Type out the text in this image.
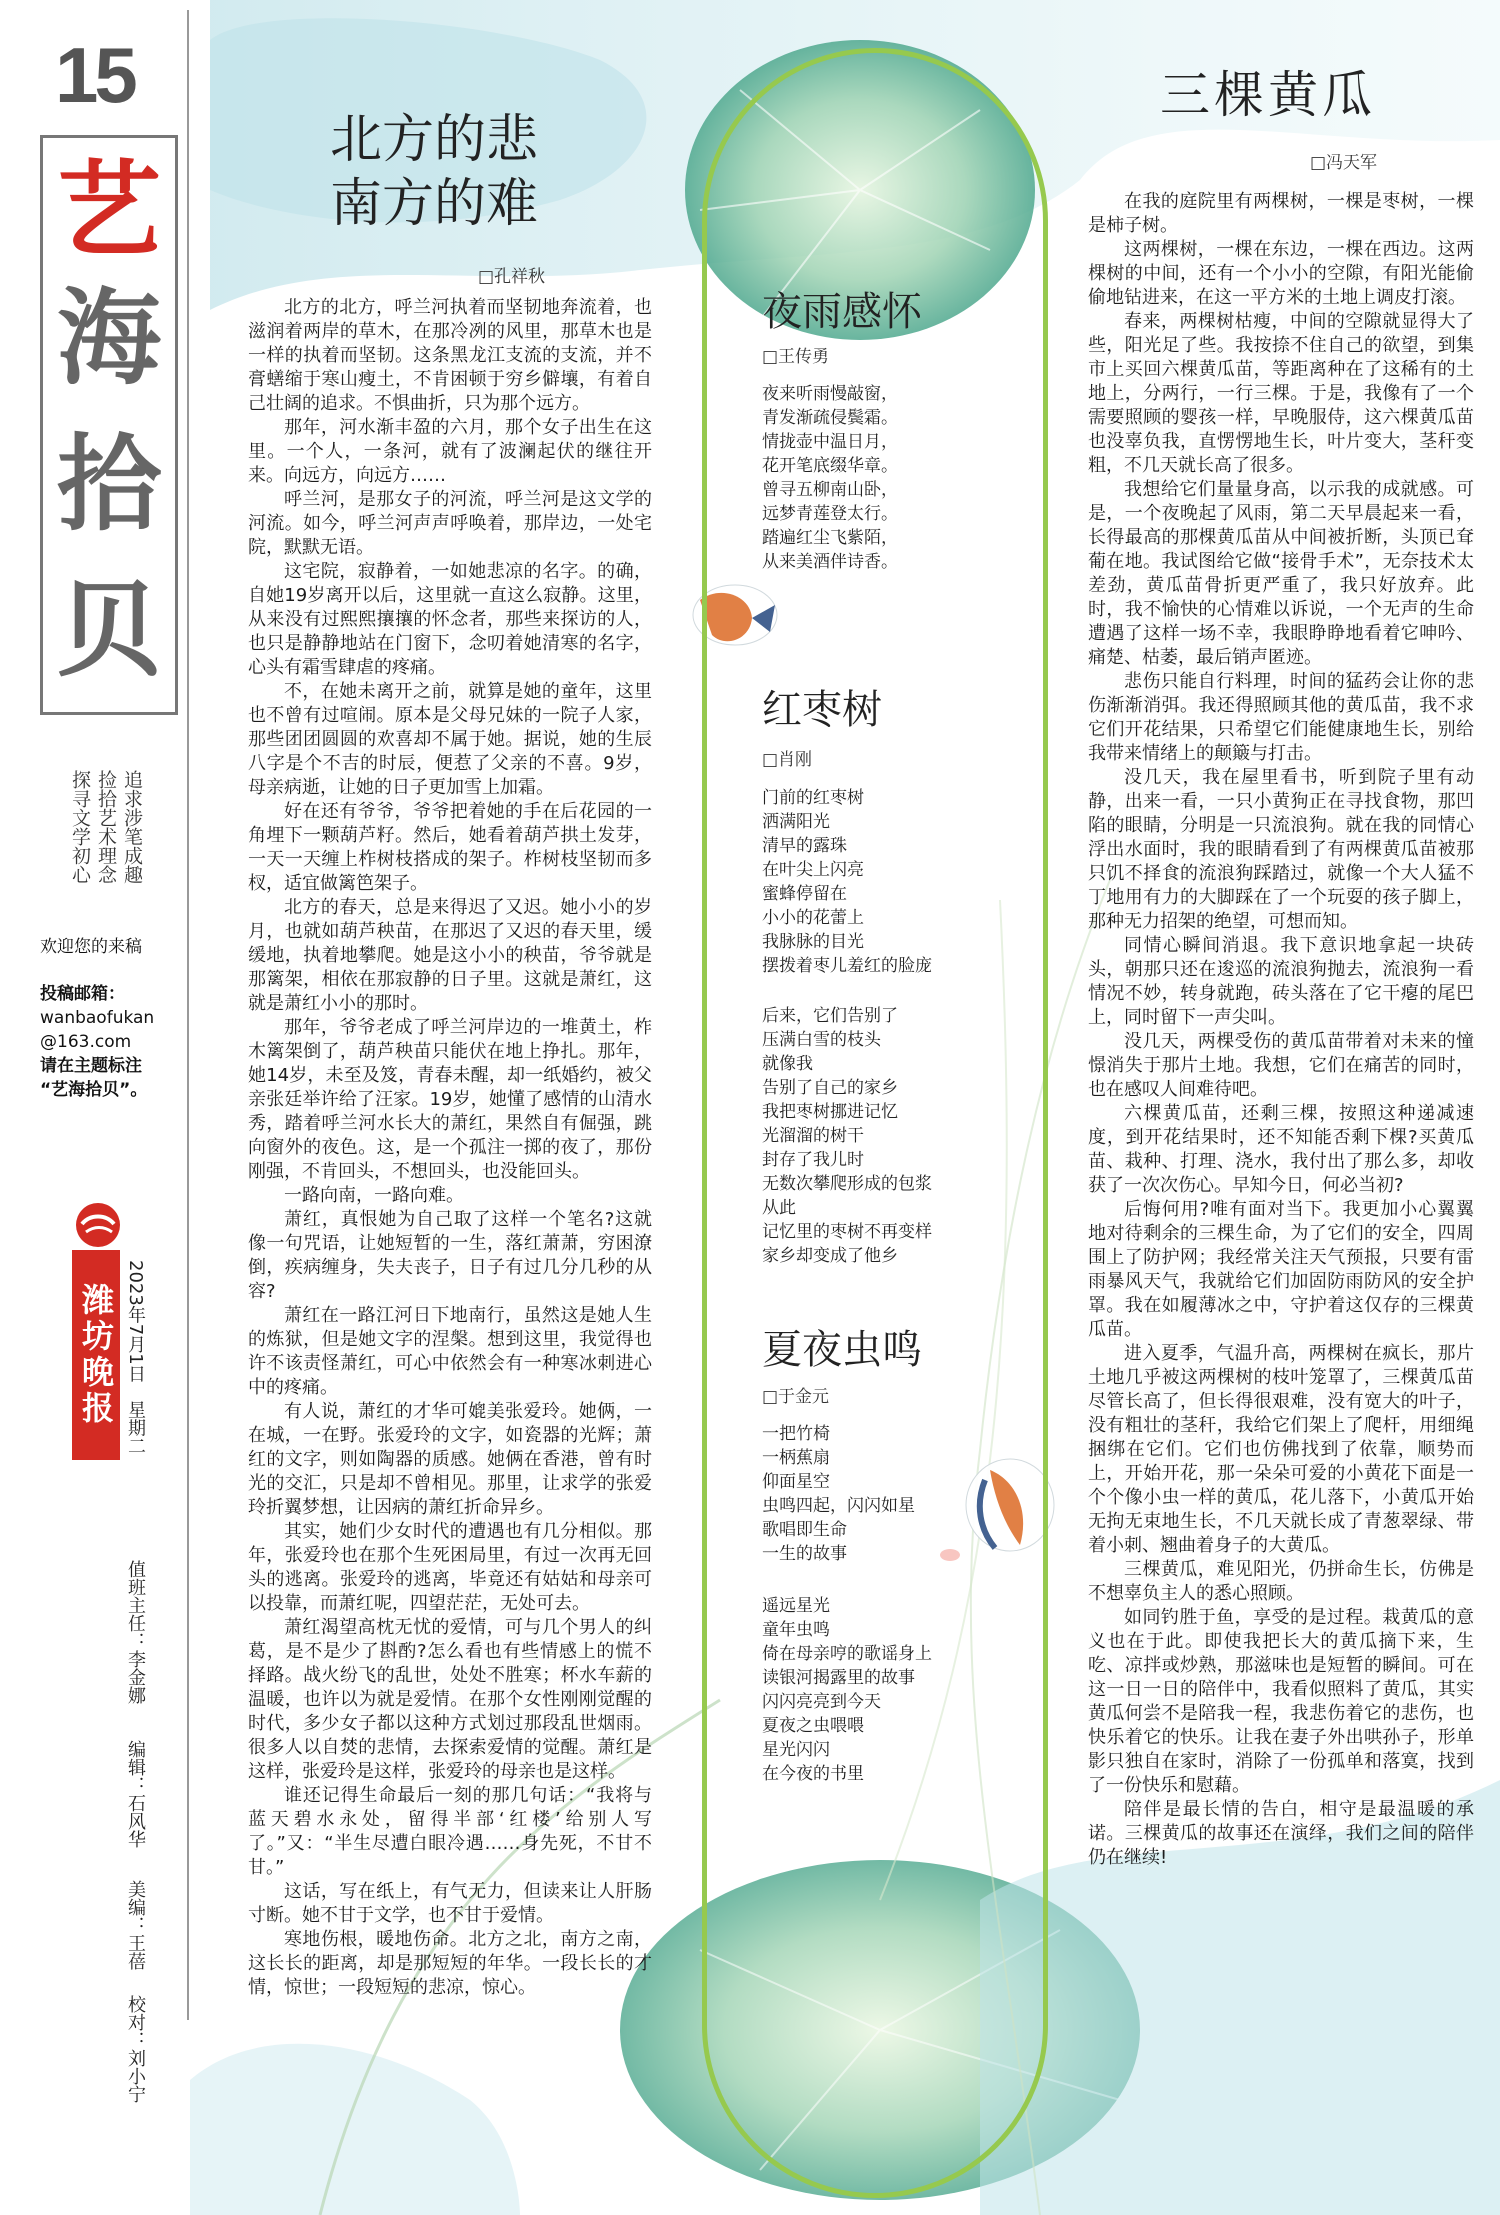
15
艺
海
拾
贝
追求涉笔成趣
捡拾艺术理念
探寻文学初心
欢迎您的来稿
投稿邮箱：
wanbaofukan
@163.com
请在主题标注
“艺海拾贝”。
潍坊晚报 2023年7月1日　星期二
值班主任：李金娜
编辑：石风华
美编：王蓓
校对：刘小宁
北方的悲
南方的难
□孔祥秋

北方的北方，呼兰河执着而坚韧地奔流着，也滋润着两岸的草木，在那冷冽的风里，那草木也是一样的执着而坚韧。这条黑龙江支流的支流，并不膏蟮缩于寒山瘦土，不肯困顿于穷乡僻壤，有着自己壮阔的追求。不惧曲折，只为那个远方。

那年，河水渐丰盈的六月，那个女子出生在这里。一个人，一条河，就有了波澜起伏的继往开来。向远方，向远方……

呼兰河，是那女子的河流，呼兰河是这文学的河流。如今，呼兰河声声呼唤着，那岸边，一处宅院，默默无语。

这宅院，寂静着，一如她悲凉的名字。的确，自她19岁离开以后，这里就一直这么寂静。这里，从来没有过熙熙攘攘的怀念者，那些来探访的人，也只是静静地站在门窗下，念叨着她清寒的名字，心头有霜雪肆虐的疼痛。

不，在她未离开之前，就算是她的童年，这里也不曾有过喧闹。原本是父母兄妹的一院子人家，那些团团圆圆的欢喜却不属于她。据说，她的生辰八字是个不吉的时辰，便惹了父亲的不喜。9岁，母亲病逝，让她的日子更加雪上加霜。

好在还有爷爷，爷爷把着她的手在后花园的一角埋下一颗葫芦籽。然后，她看着葫芦拱土发芽，一天一天缠上柞树枝搭成的架子。柞树枝坚韧而多杈，适宜做篱笆架子。

北方的春天，总是来得迟了又迟。她小小的岁月，也就如葫芦秧苗，在那迟了又迟的春天里，缓缓地，执着地攀爬。她是这小小的秧苗，爷爷就是那篱架，相依在那寂静的日子里。这就是萧红，这就是萧红小小的那时。

那年，爷爷老成了呼兰河岸边的一堆黄土，柞木篱架倒了，葫芦秧苗只能伏在地上挣扎。那年，她14岁，未至及笈，青春未醒，却一纸婚约，被父亲张廷举许给了汪家。19岁，她懂了感情的山清水秀，踏着呼兰河水长大的萧红，果然自有倔强，跳向窗外的夜色。这，是一个孤注一掷的夜了，那份刚强，不肯回头，不想回头，也没能回头。

一路向南，一路向难。

萧红，真恨她为自己取了这样一个笔名?这就像一句咒语，让她短暂的一生，落红萧萧，穷困潦倒，疾病缠身，失夫丧子，日子有过几分几秒的从容?

萧红在一路江河日下地南行，虽然这是她人生的炼狱，但是她文字的涅槃。想到这里，我觉得也许不该责怪萧红，可心中依然会有一种寒冰刺进心中的疼痛。

有人说，萧红的才华可媲美张爱玲。她俩，一在城，一在野。张爱玲的文字，如瓷器的光辉；萧红的文字，则如陶器的质感。她俩在香港，曾有时光的交汇，只是却不曾相见。那里，让求学的张爱玲折翼梦想，让因病的萧红折命异乡。

其实，她们少女时代的遭遇也有几分相似。那年，张爱玲也在那个生死困局里，有过一次再无回头的逃离。张爱玲的逃离，毕竟还有姑姑和母亲可以投靠，而萧红呢，四望茫茫，无处可去。

萧红渴望高枕无忧的爱情，可与几个男人的纠葛，是不是少了斟酌?怎么看也有些情感上的慌不择路。战火纷飞的乱世，处处不胜寒；杯水车薪的温暖，也许以为就是爱情。在那个女性刚刚觉醒的时代，多少女子都以这种方式划过那段乱世烟雨。很多人以自焚的悲情，去探索爱情的觉醒。萧红是这样，张爱玲是这样，张爱玲的母亲也是这样。

谁还记得生命最后一刻的那几句话：“我将与蓝天碧水永处，留得半部‘红楼’给别人写了。”又：“半生尽遭白眼冷遇……身先死，不甘不甘。”

这话，写在纸上，有气无力，但读来让人肝肠寸断。她不甘于文学，也不甘于爱情。

寒地伤根，暖地伤命。北方之北，南方之南，这长长的距离，却是那短短的年华。一段长长的才情，惊世；一段短短的悲凉，惊心。

夜雨感怀
□王传勇
夜来听雨慢敲窗，
青发渐疏侵鬓霜。
情拢壶中温日月，
花开笔底缀华章。
曾寻五柳南山卧，
远梦青莲登太行。
踏遍红尘飞紫陌，
从来美酒伴诗香。
红枣树
□肖刚
门前的红枣树
洒满阳光
清早的露珠
在叶尖上闪亮
蜜蜂停留在
小小的花蕾上
我脉脉的目光
摆拨着枣儿羞红的脸庞
后来，它们告别了
压满白雪的枝头
就像我
告别了自己的家乡
我把枣树挪进记忆
光溜溜的树干
封存了我儿时
无数次攀爬形成的包浆
从此
记忆里的枣树不再变样
家乡却变成了他乡
夏夜虫鸣
□于金元
一把竹椅
一柄蕉扇
仰面星空
虫鸣四起，闪闪如星
歌唱即生命
一生的故事
遥远星光
童年虫鸣
倚在母亲哼的歌谣身上
读银河揭露里的故事
闪闪亮亮到今天
夏夜之虫喂喂
星光闪闪
在今夜的书里
三棵黄瓜
□冯天军

在我的庭院里有两棵树，一棵是枣树，一棵是柿子树。

这两棵树，一棵在东边，一棵在西边。这两棵树的中间，还有一个小小的空隙，有阳光能偷偷地钻进来，在这一平方米的土地上调皮打滚。

春来，两棵树枯瘦，中间的空隙就显得大了些，阳光足了些。我按捺不住自己的欲望，到集市上买回六棵黄瓜苗，等距离种在了这稀有的土地上，分两行，一行三棵。于是，我像有了一个需要照顾的婴孩一样，早晚服侍，这六棵黄瓜苗也没辜负我，直愣愣地生长，叶片变大，茎秆变粗，不几天就长高了很多。

我想给它们量量身高，以示我的成就感。可是，一个夜晚起了风雨，第二天早晨起来一看，长得最高的那棵黄瓜苗从中间被折断，头顶已耷葡在地。我试图给它做“接骨手术”，无奈技术太差劲，黄瓜苗骨折更严重了，我只好放弃。此时，我不愉快的心情难以诉说，一个无声的生命遭遇了这样一场不幸，我眼睁睁地看着它呻吟、痛楚、枯萎，最后销声匿迹。

悲伤只能自行料理，时间的猛药会让你的悲伤渐渐消弭。我还得照顾其他的黄瓜苗，我不求它们开花结果，只希望它们能健康地生长，别给我带来情绪上的颠簸与打击。

没几天，我在屋里看书，听到院子里有动静，出来一看，一只小黄狗正在寻找食物，那凹陷的眼睛，分明是一只流浪狗。就在我的同情心浮出水面时，我的眼睛看到了有两棵黄瓜苗被那只饥不择食的流浪狗踩踏过，就像一个大人猛不丁地用有力的大脚踩在了一个玩耍的孩子脚上，那种无力招架的绝望，可想而知。

同情心瞬间消退。我下意识地拿起一块砖头，朝那只还在逡巡的流浪狗抛去，流浪狗一看情况不妙，转身就跑，砖头落在了它干瘪的尾巴上，同时留下一声尖叫。

没几天，两棵受伤的黄瓜苗带着对未来的憧憬消失于那片土地。我想，它们在痛苦的同时，也在感叹人间难待吧。

六棵黄瓜苗，还剩三棵，按照这种递减速度，到开花结果时，还不知能否剩下棵?买黄瓜苗、栽种、打理、浇水，我付出了那么多，却收获了一次次伤心。早知今日，何必当初?

后悔何用?唯有面对当下。我更加小心翼翼地对待剩余的三棵生命，为了它们的安全，四周围上了防护网；我经常关注天气预报，只要有雷雨暴风天气，我就给它们加固防雨防风的安全护罩。我在如履薄冰之中，守护着这仅存的三棵黄瓜苗。

进入夏季，气温升高，两棵树在疯长，那片土地几乎被这两棵树的枝叶笼罩了，三棵黄瓜苗尽管长高了，但长得很艰难，没有宽大的叶子，没有粗壮的茎秆，我给它们架上了爬杆，用细绳捆绑在它们。它们也仿佛找到了依靠，顺势而上，开始开花，那一朵朵可爱的小黄花下面是一个个像小虫一样的黄瓜，花儿落下，小黄瓜开始无拘无束地生长，不几天就长成了青葱翠绿、带着小刺、翘曲着身子的大黄瓜。

三棵黄瓜，难见阳光，仍拼命生长，仿佛是不想辜负主人的悉心照顾。

如同钓胜于鱼，享受的是过程。栽黄瓜的意义也在于此。即使我把长大的黄瓜摘下来，生吃、凉拌或炒熟，那滋味也是短暂的瞬间。可在这一日一日的陪伴中，我看似照料了黄瓜，其实黄瓜何尝不是陪我一程，我悲伤着它的悲伤，也快乐着它的快乐。让我在妻子外出哄孙子，形单影只独自在家时，消除了一份孤单和落寞，找到了一份快乐和慰藉。

陪伴是最长情的告白，相守是最温暖的承诺。三棵黄瓜的故事还在演绎，我们之间的陪伴仍在继续!
